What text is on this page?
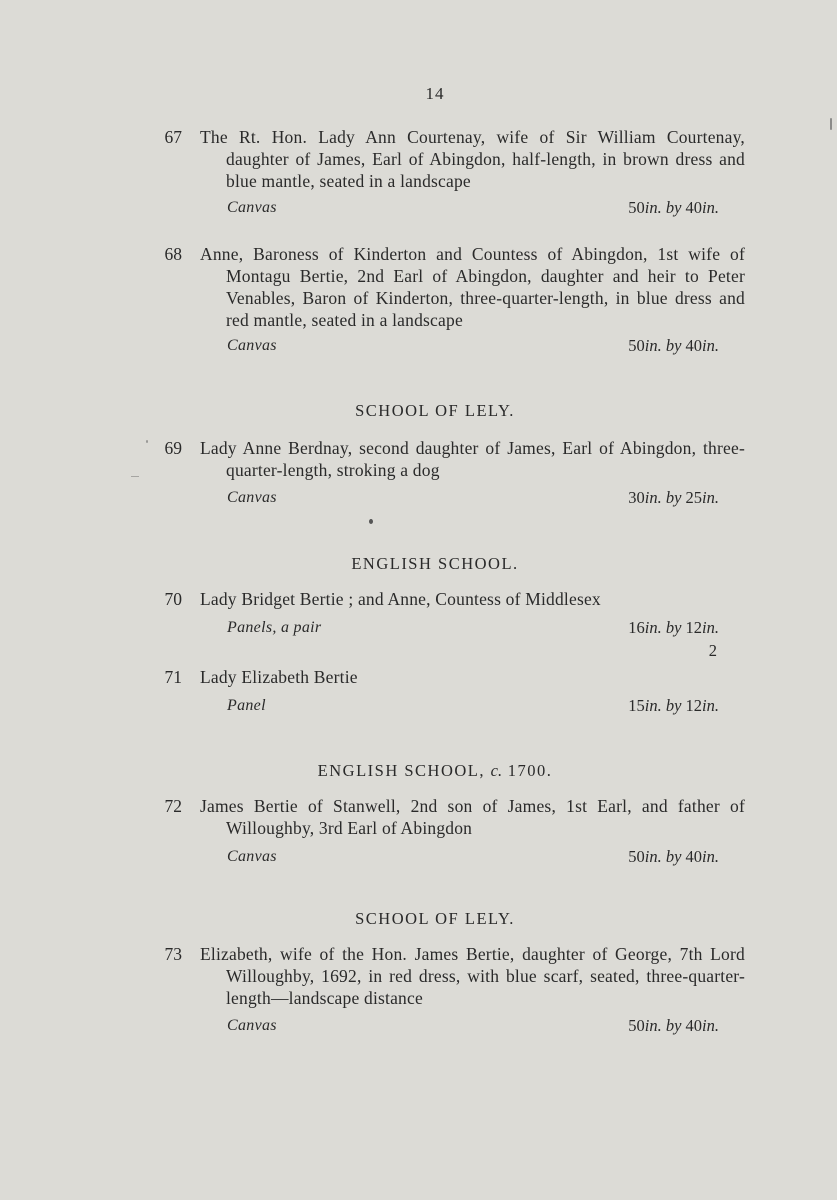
14
67 The Rt. Hon. Lady Ann Courtenay, wife of Sir William Courtenay, daughter of James, Earl of Abingdon, half-length, in brown dress and blue mantle, seated in a landscape
Canvas	50in. by 40in.
68 Anne, Baroness of Kinderton and Countess of Abingdon, 1st wife of Montagu Bertie, 2nd Earl of Abingdon, daughter and heir to Peter Venables, Baron of Kinderton, three-quarter-length, in blue dress and red mantle, seated in a landscape
Canvas	50in. by 40in.
SCHOOL OF LELY.
69 Lady Anne Berdnay, second daughter of James, Earl of Abingdon, three-quarter-length, stroking a dog
Canvas	30in. by 25in.
ENGLISH SCHOOL.
70 Lady Bridget Bertie ; and Anne, Countess of Middlesex
Panels, a pair	16in. by 12in.
2
71 Lady Elizabeth Bertie
Panel	15in. by 12in.
ENGLISH SCHOOL, c. 1700.
72 James Bertie of Stanwell, 2nd son of James, 1st Earl, and father of Willoughby, 3rd Earl of Abingdon
Canvas	50in. by 40in.
SCHOOL OF LELY.
73 Elizabeth, wife of the Hon. James Bertie, daughter of George, 7th Lord Willoughby, 1692, in red dress, with blue scarf, seated, three-quarter-length—landscape distance
Canvas	50in. by 40in.
